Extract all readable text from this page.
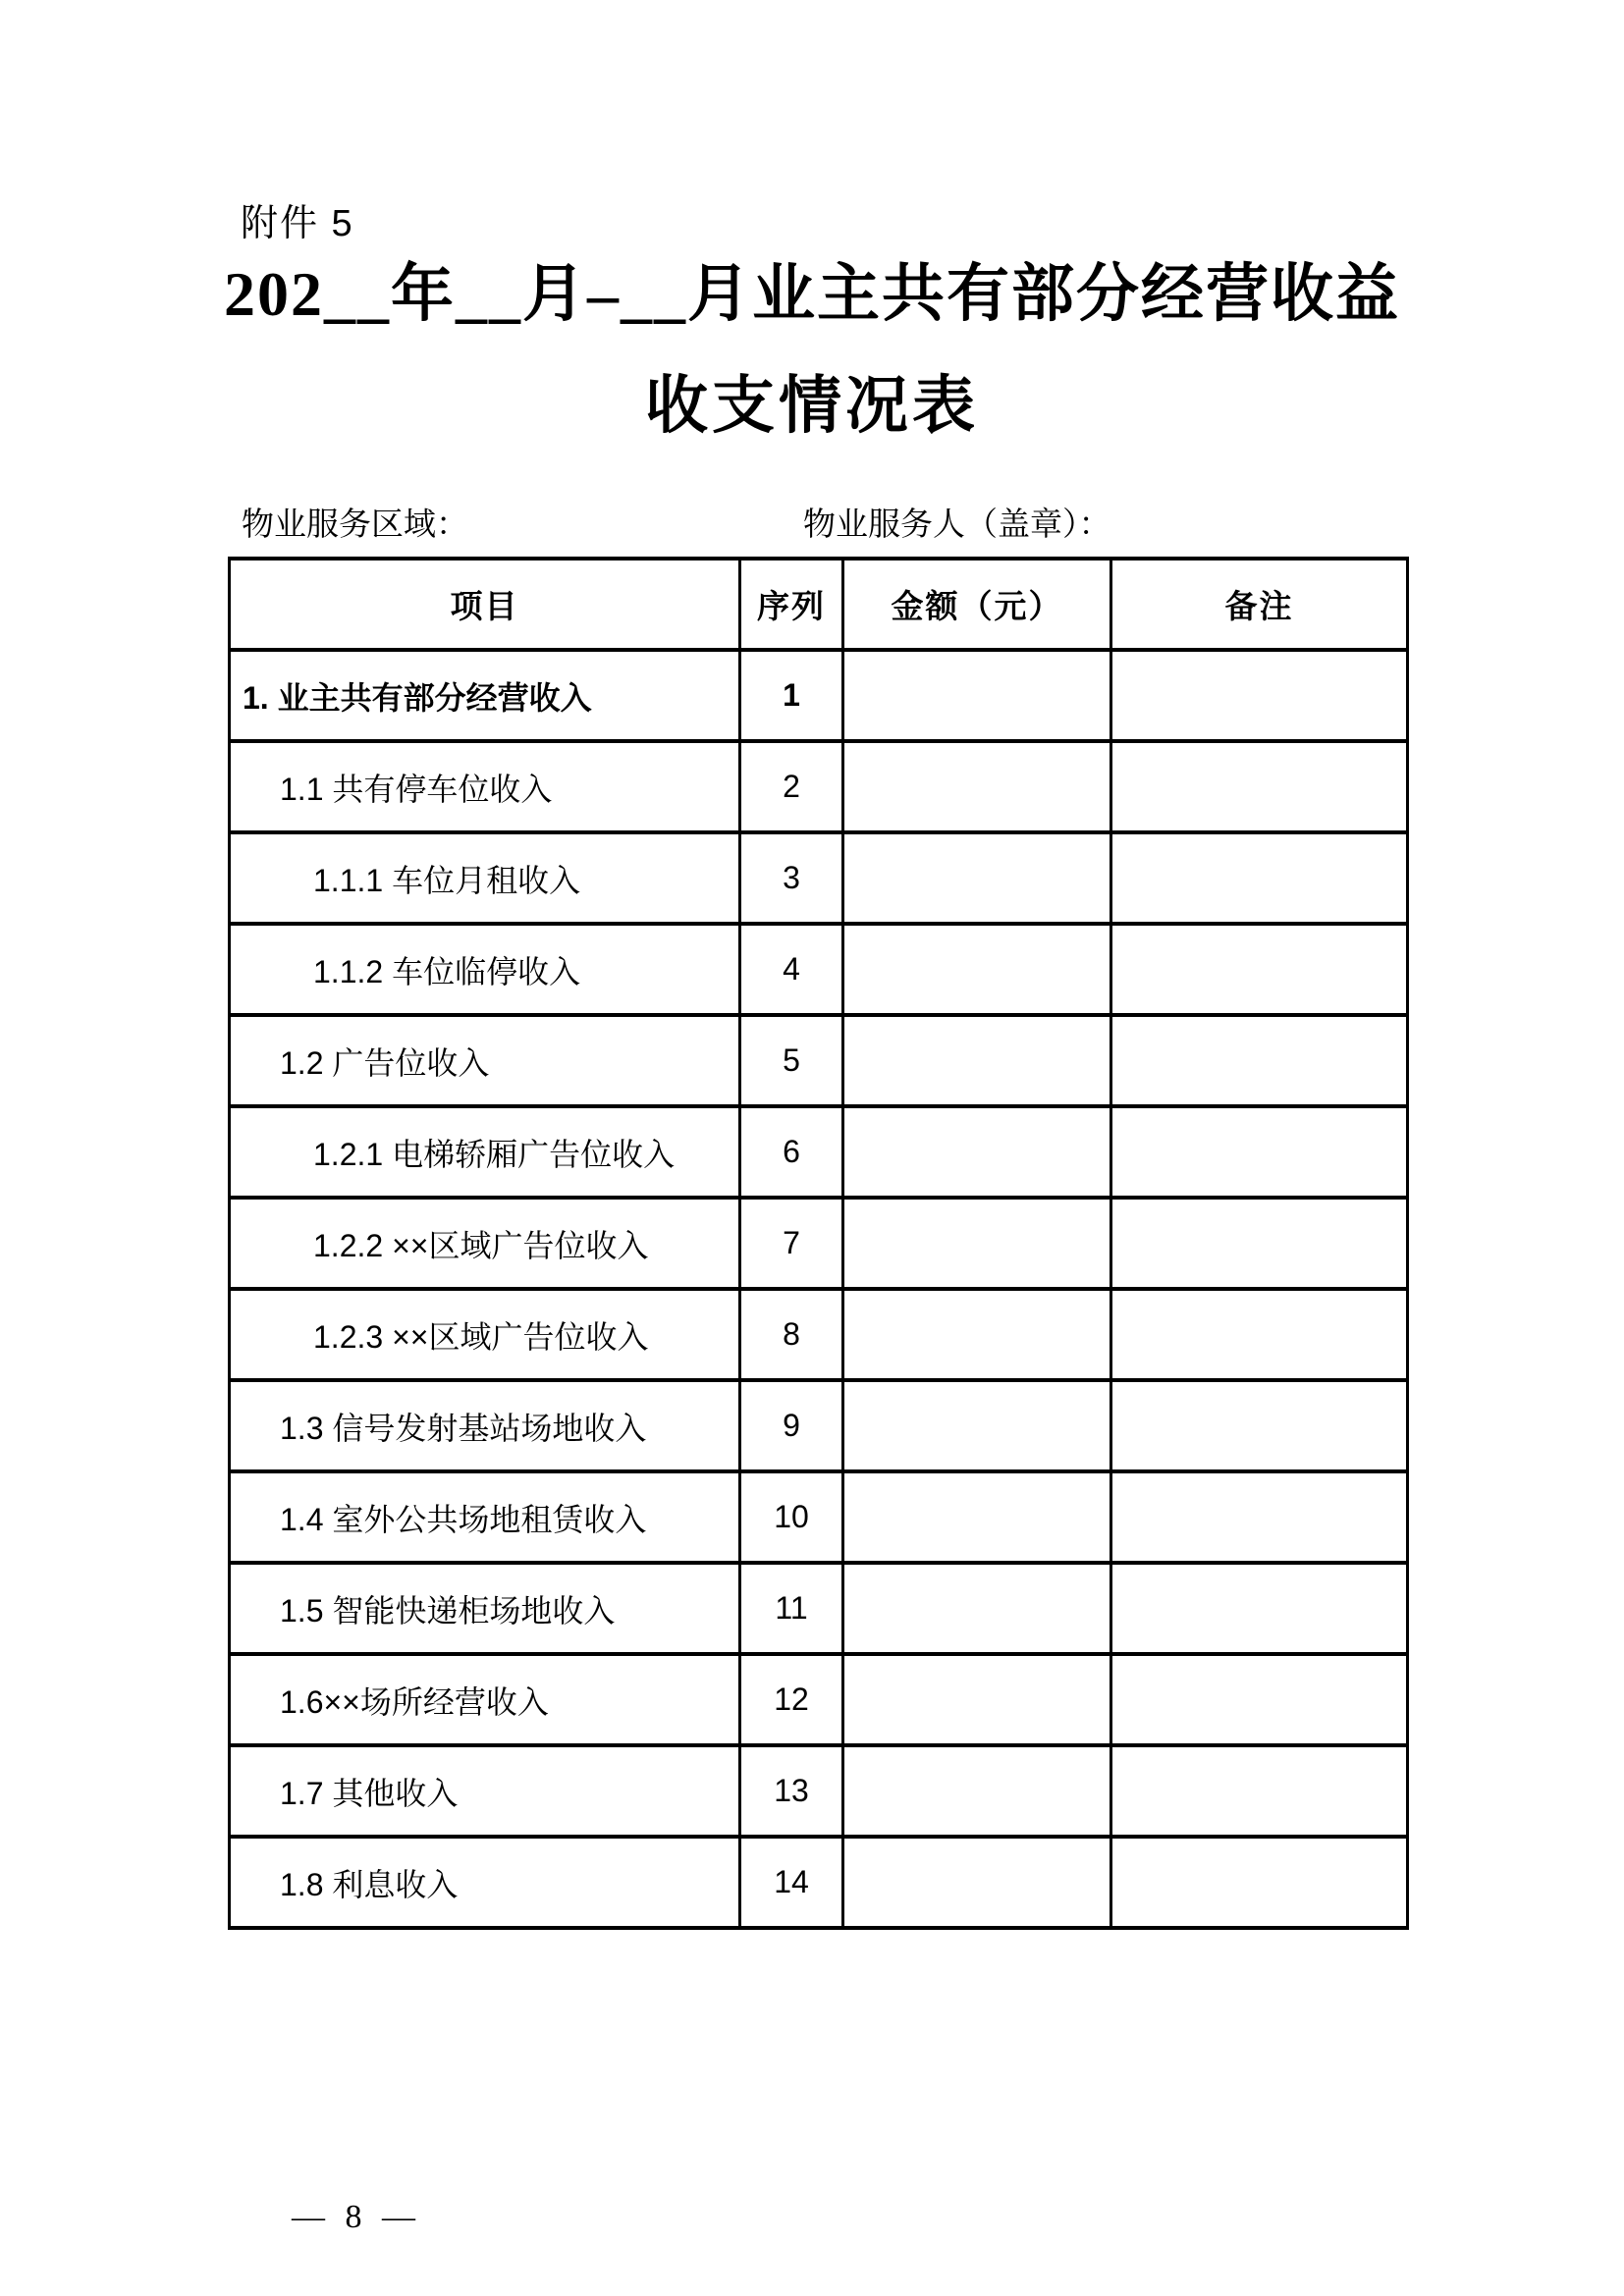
附件 5
202__年__月–__月业主共有部分经营收益
收支情况表
物业服务区域：	物业服务人（盖章）：
项目	序列	金额（元）	备注
1. 业主共有部分经营收入	1		
1.1 共有停车位收入	2		
1.1.1 车位月租收入	3		
1.1.2 车位临停收入	4		
1.2 广告位收入	5		
1.2.1 电梯轿厢广告位收入	6		
1.2.2 ××区域广告位收入	7		
1.2.3 ××区域广告位收入	8		
1.3 信号发射基站场地收入	9		
1.4 室外公共场地租赁收入	10		
1.5 智能快递柜场地收入	11		
1.6××场所经营收入	12		
1.7 其他收入	13		
1.8 利息收入	14		
— 8 —
